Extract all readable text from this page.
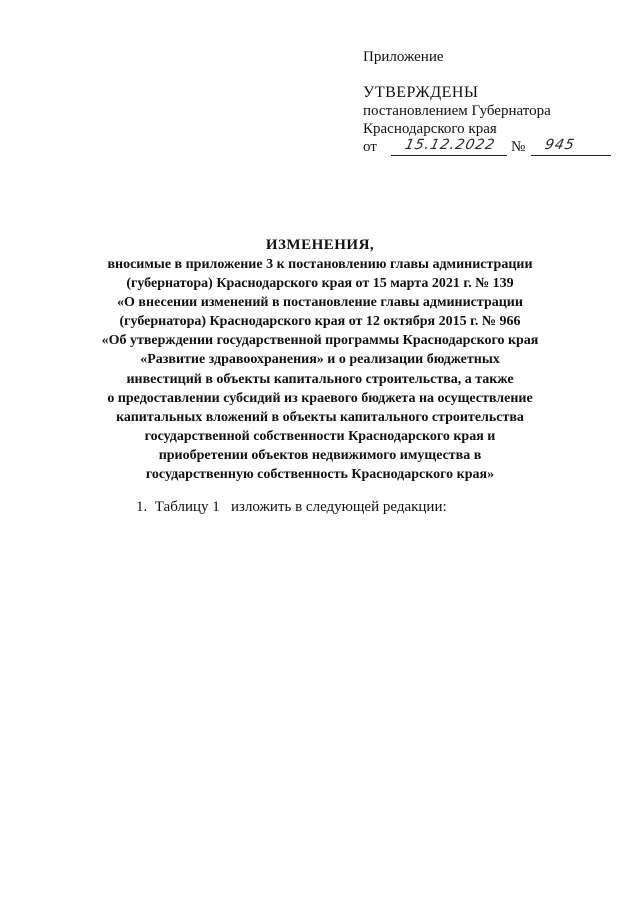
Приложение
УТВЕРЖДЕНЫ
постановлением Губернатора
Краснодарского края
от	15.12.2022 №	945
ИЗМЕНЕНИЯ,
вносимые в приложение 3 к постановлению главы администрации
(губернатора) Краснодарского края от 15 марта 2021 г. № 139
«О внесении изменений в постановление главы администрации
(губернатора) Краснодарского края от 12 октября 2015 г. № 966
«Об утверждении государственной программы Краснодарского края
«Развитие здравоохранения» и о реализации бюджетных
инвестиций в объекты капитального строительства, а также
о предоставлении субсидий из краевого бюджета на осуществление
капитальных вложений в объекты капитального строительства
государственной собственности Краснодарского края и
приобретении объектов недвижимого имущества в
государственную собственность Краснодарского края»
1.  Таблицу 1   изложить в следующей редакции:
